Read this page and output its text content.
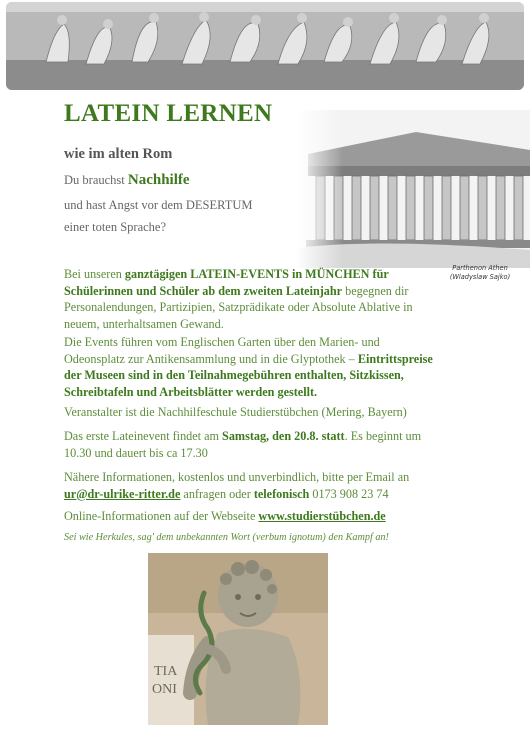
Parthenon Athen
(Wladyslaw Sajko)
LATEIN LERNEN
wie im alten Rom
Du brauchst Nachhilfe
und hast Angst vor dem DESERTUM
einer toten Sprache?

Bei unseren ganztägigen LATEIN-EVENTS in MÜNCHEN für Schülerinnen und Schüler ab dem zweiten Lateinjahr begegnen dir Personalendungen, Partizipien, Satzprädikate oder Absolute Ablative in neuem, unterhaltsamen Gewand.

Die Events führen vom Englischen Garten über den Marien- und Odeonsplatz zur Antikensammlung und in die Glyptothek – Eintrittspreise der Museen sind in den Teilnahmegebühren enthalten, Sitzkissen, Schreibtafeln und Arbeitsblätter werden gestellt.

Veranstalter ist die Nachhilfeschule Studierstübchen (Mering, Bayern)

Das erste Lateinevent findet am Samstag, den 20.8. statt. Es beginnt um 10.30 und dauert bis ca 17.30

Nähere Informationen, kostenlos und unverbindlich, bitte per Email an ur@dr-ulrike-ritter.de anfragen oder telefonisch 0173 908 23 74

Online-Informationen auf der Webseite www.studierstübchen.de

Sei wie Herkules, sag' dem unbekannten Wort (verbum ignotum) den Kampf an!
TIA
ONI
